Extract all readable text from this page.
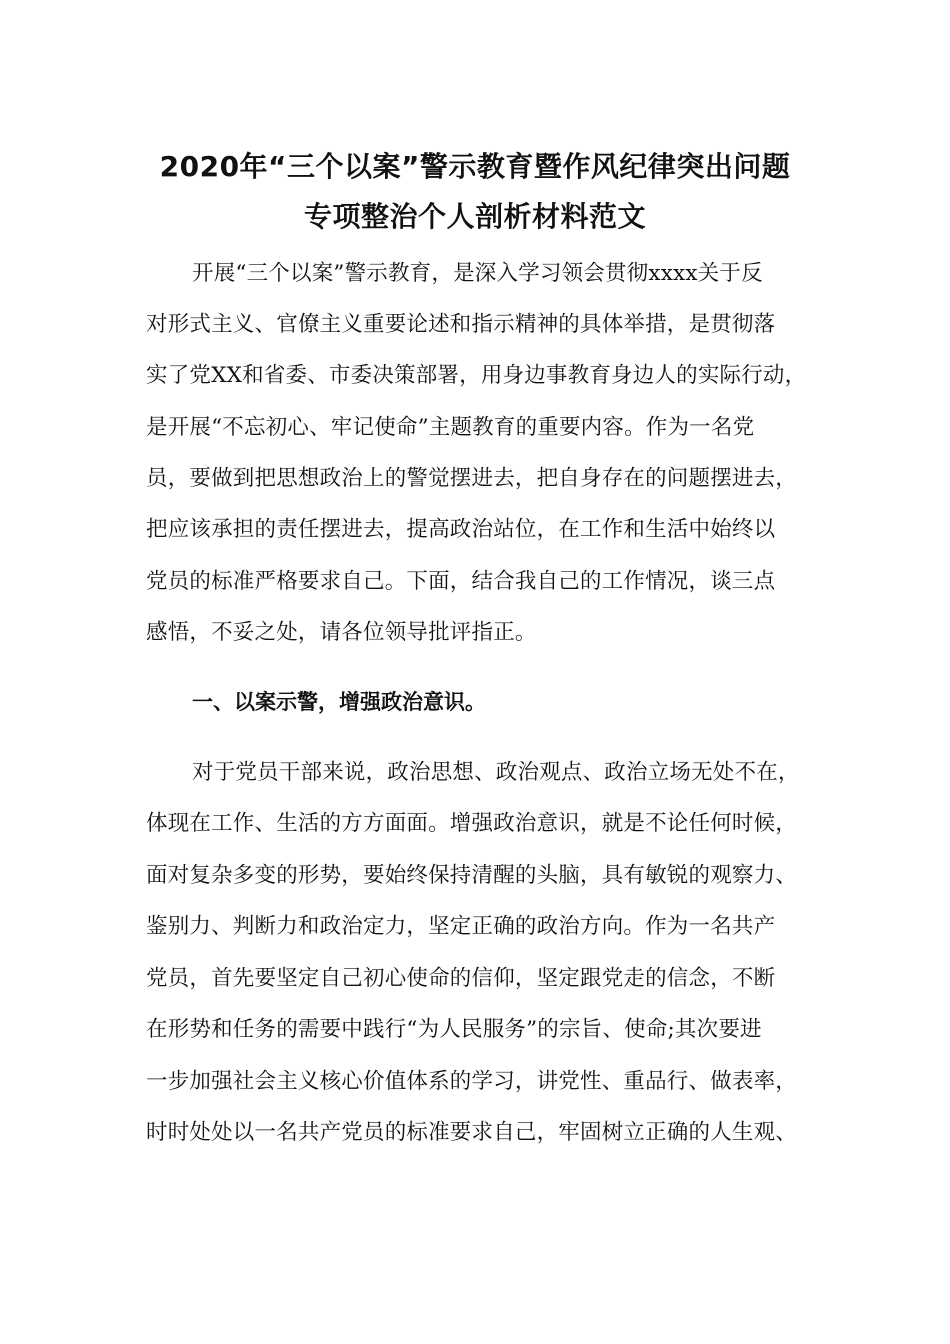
2020年“三个以案”警示教育暨作风纪律突出问题
专项整治个人剖析材料范文
开展“三个以案”警示教育，是深入学习领会贯彻xxxx关于反
对形式主义、官僚主义重要论述和指示精神的具体举措，是贯彻落
实了党XX和省委、市委决策部署，用身边事教育身边人的实际行动，
是开展“不忘初心、牢记使命”主题教育的重要内容。作为一名党
员，要做到把思想政治上的警觉摆进去，把自身存在的问题摆进去，
把应该承担的责任摆进去，提高政治站位，在工作和生活中始终以
党员的标准严格要求自己。下面，结合我自己的工作情况，谈三点
感悟，不妥之处，请各位领导批评指正。
一、以案示警，增强政治意识。
对于党员干部来说，政治思想、政治观点、政治立场无处不在，
体现在工作、生活的方方面面。增强政治意识，就是不论任何时候，
面对复杂多变的形势，要始终保持清醒的头脑，具有敏锐的观察力、
鉴别力、判断力和政治定力，坚定正确的政治方向。作为一名共产
党员，首先要坚定自己初心使命的信仰，坚定跟党走的信念，不断
在形势和任务的需要中践行“为人民服务”的宗旨、使命;其次要进
一步加强社会主义核心价值体系的学习，讲党性、重品行、做表率，
时时处处以一名共产党员的标准要求自己，牢固树立正确的人生观、
